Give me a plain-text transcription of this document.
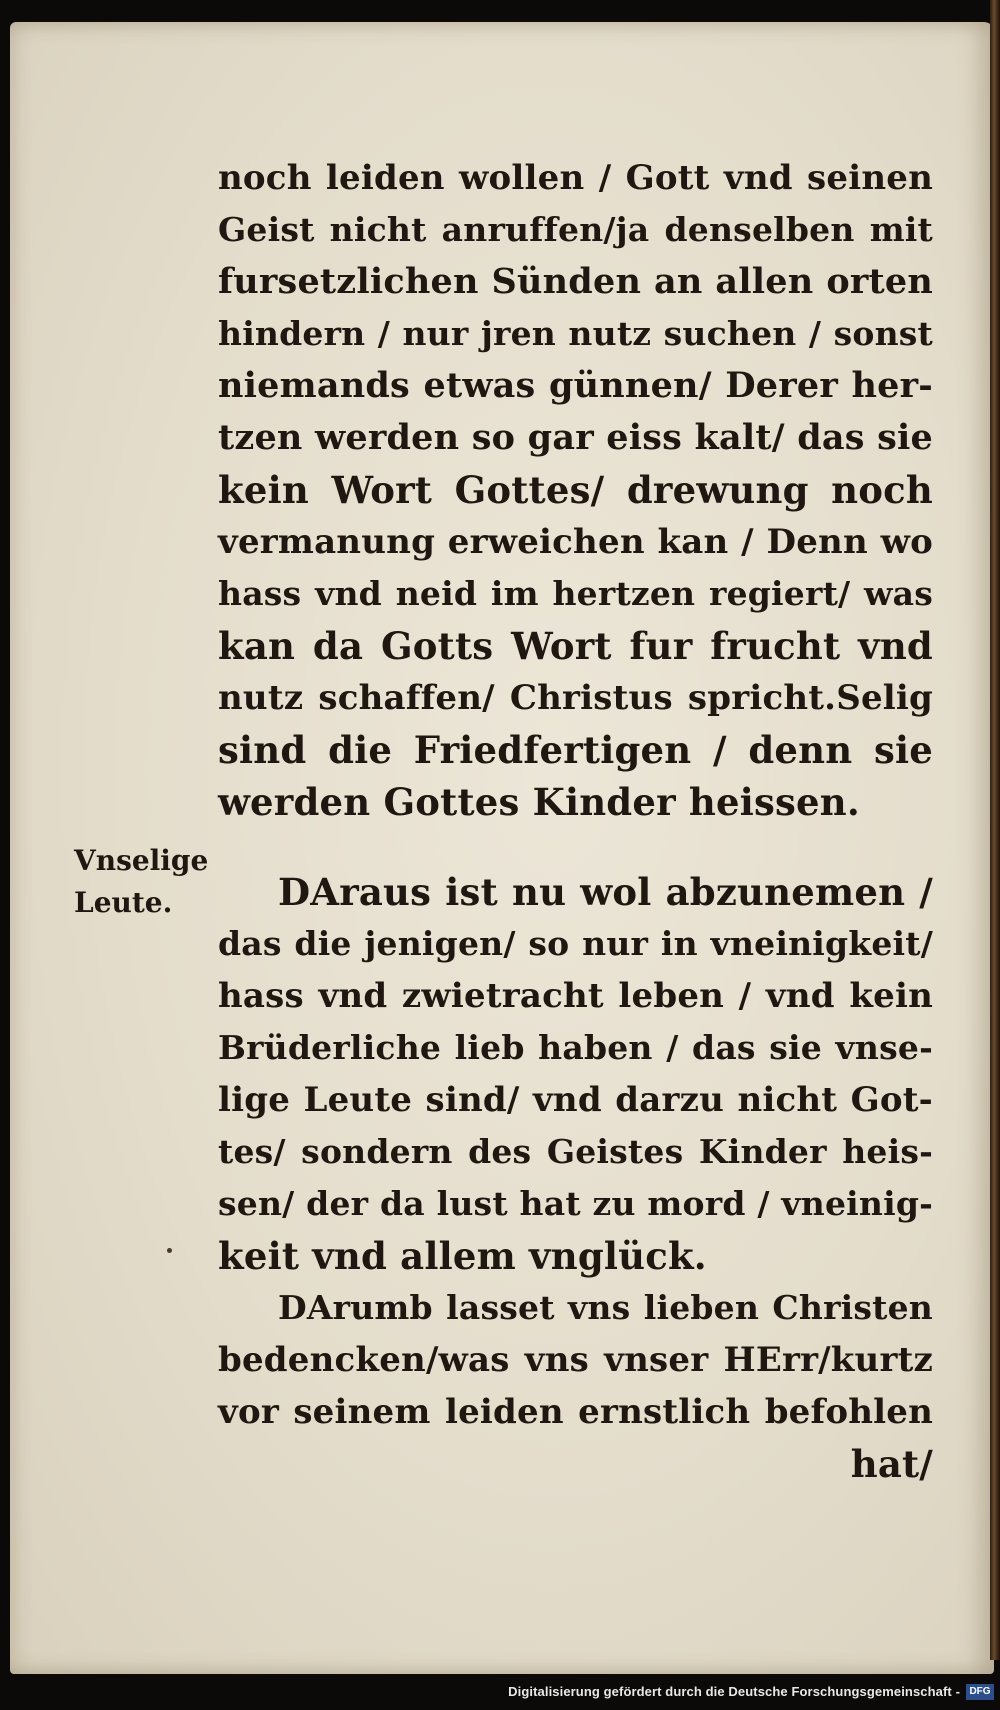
Vnselige
Leute.
noch leiden wollen / Gott vnd seinen
Geist nicht anruffen/ja denselben mit
fursetzlichen Sünden an allen orten
hindern / nur jren nutz suchen / sonst
niemands etwas günnen/ Derer her-
tzen werden so gar eiss kalt/ das sie
kein Wort Gottes/ drewung noch
vermanung erweichen kan / Denn wo
hass vnd neid im hertzen regiert/ was
kan da Gotts Wort fur frucht vnd
nutz schaffen/ Christus spricht.Selig
sind die Friedfertigen / denn sie
werden Gottes Kinder heissen.
DAraus ist nu wol abzunemen /
das die jenigen/ so nur in vneinigkeit/
hass vnd zwietracht leben / vnd kein
Brüderliche lieb haben / das sie vnse-
lige Leute sind/ vnd darzu nicht Got-
tes/ sondern des Geistes Kinder heis-
sen/ der da lust hat zu mord / vneinig-
keit vnd allem vnglück.
DArumb lasset vns lieben Christen
bedencken/was vns vnser HErr/kurtz
vor seinem leiden ernstlich befohlen
hat/
Digitalisierung gefördert durch die Deutsche Forschungsgemeinschaft - DFG
